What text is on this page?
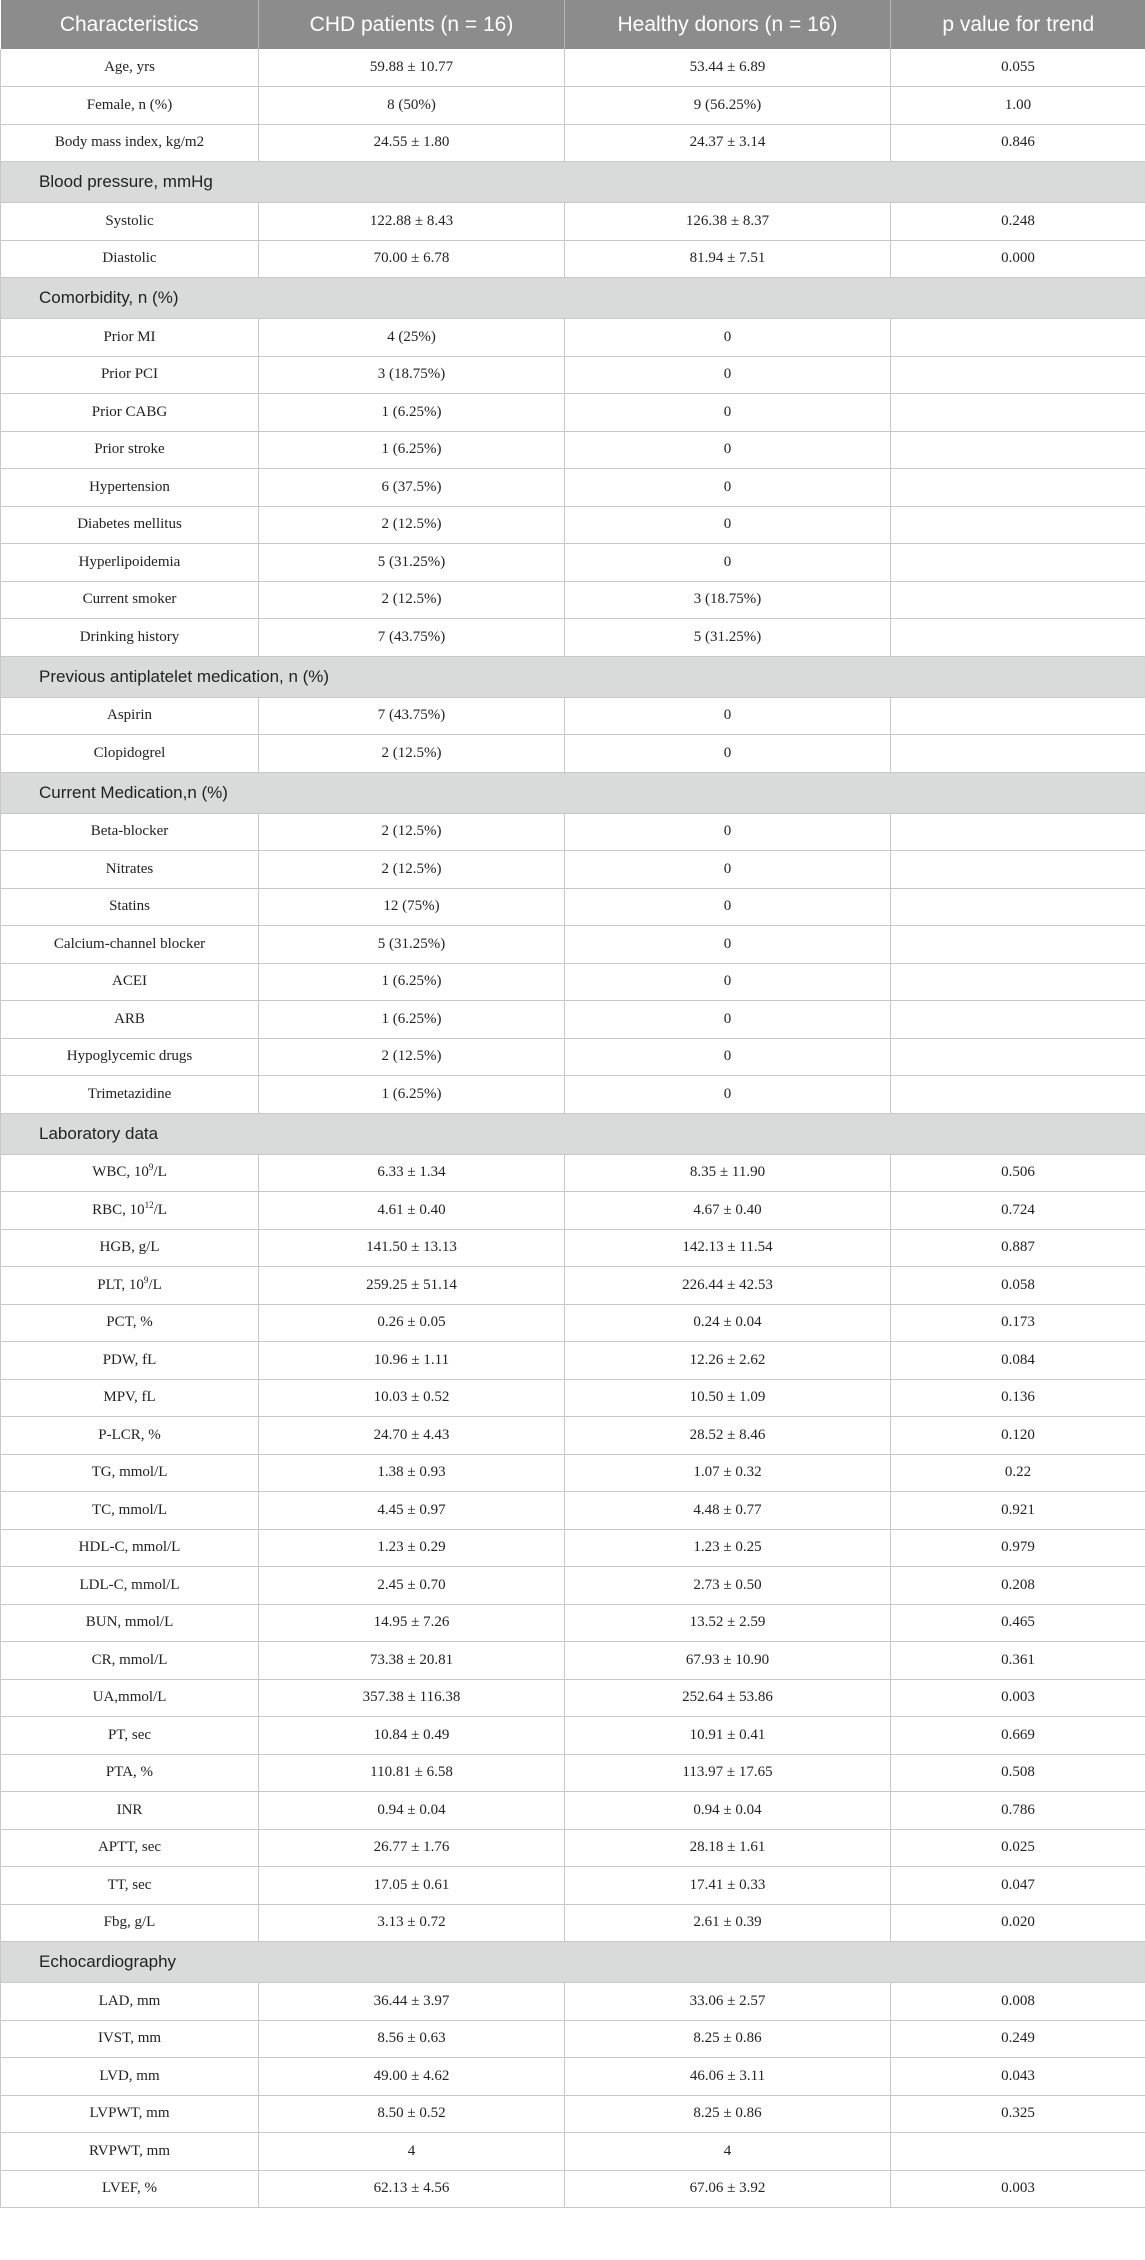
Characteristics	CHD patients (n = 16)	Healthy donors (n = 16)	p value for trend
Age, yrs	59.88 ± 10.77	53.44 ± 6.89	0.055
Female, n (%)	8 (50%)	9 (56.25%)	1.00
Body mass index, kg/m2	24.55 ± 1.80	24.37 ± 3.14	0.846
Blood pressure, mmHg			
Systolic	122.88 ± 8.43	126.38 ± 8.37	0.248
Diastolic	70.00 ± 6.78	81.94 ± 7.51	0.000
Comorbidity, n (%)			
Prior MI	4 (25%)	0	
Prior PCI	3 (18.75%)	0	
Prior CABG	1 (6.25%)	0	
Prior stroke	1 (6.25%)	0	
Hypertension	6 (37.5%)	0	
Diabetes mellitus	2 (12.5%)	0	
Hyperlipoidemia	5 (31.25%)	0	
Current smoker	2 (12.5%)	3 (18.75%)	
Drinking history	7 (43.75%)	5 (31.25%)	
Previous antiplatelet medication, n (%)			
Aspirin	7 (43.75%)	0	
Clopidogrel	2 (12.5%)	0	
Current Medication,n (%)			
Beta-blocker	2 (12.5%)	0	
Nitrates	2 (12.5%)	0	
Statins	12 (75%)	0	
Calcium-channel blocker	5 (31.25%)	0	
ACEI	1 (6.25%)	0	
ARB	1 (6.25%)	0	
Hypoglycemic drugs	2 (12.5%)	0	
Trimetazidine	1 (6.25%)	0	
Laboratory data			
WBC, $10^9/L$	6.33 ± 1.34	8.35 ± 11.90	0.506
RBC, $10^{12}/L$	4.61 ± 0.40	4.67 ± 0.40	0.724
HGB, g/L	141.50 ± 13.13	142.13 ± 11.54	0.887
PLT, $10^9/L$	259.25 ± 51.14	226.44 ± 42.53	0.058
PCT, %	0.26 ± 0.05	0.24 ± 0.04	0.173
PDW, fL	10.96 ± 1.11	12.26 ± 2.62	0.084
MPV, fL	10.03 ± 0.52	10.50 ± 1.09	0.136
P-LCR, %	24.70 ± 4.43	28.52 ± 8.46	0.120
TG, mmol/L	1.38 ± 0.93	1.07 ± 0.32	0.22
TC, mmol/L	4.45 ± 0.97	4.48 ± 0.77	0.921
HDL-C, mmol/L	1.23 ± 0.29	1.23 ± 0.25	0.979
LDL-C, mmol/L	2.45 ± 0.70	2.73 ± 0.50	0.208
BUN, mmol/L	14.95 ± 7.26	13.52 ± 2.59	0.465
CR, mmol/L	73.38 ± 20.81	67.93 ± 10.90	0.361
UA,mmol/L	357.38 ± 116.38	252.64 ± 53.86	0.003
PT, sec	10.84 ± 0.49	10.91 ± 0.41	0.669
PTA, %	110.81 ± 6.58	113.97 ± 17.65	0.508
INR	0.94 ± 0.04	0.94 ± 0.04	0.786
APTT, sec	26.77 ± 1.76	28.18 ± 1.61	0.025
TT, sec	17.05 ± 0.61	17.41 ± 0.33	0.047
Fbg, g/L	3.13 ± 0.72	2.61 ± 0.39	0.020
Echocardiography			
LAD, mm	36.44 ± 3.97	33.06 ± 2.57	0.008
IVST, mm	8.56 ± 0.63	8.25 ± 0.86	0.249
LVD, mm	49.00 ± 4.62	46.06 ± 3.11	0.043
LVPWT, mm	8.50 ± 0.52	8.25 ± 0.86	0.325
RVPWT, mm	4	4	
LVEF, %	62.13 ± 4.56	67.06 ± 3.92	0.003
